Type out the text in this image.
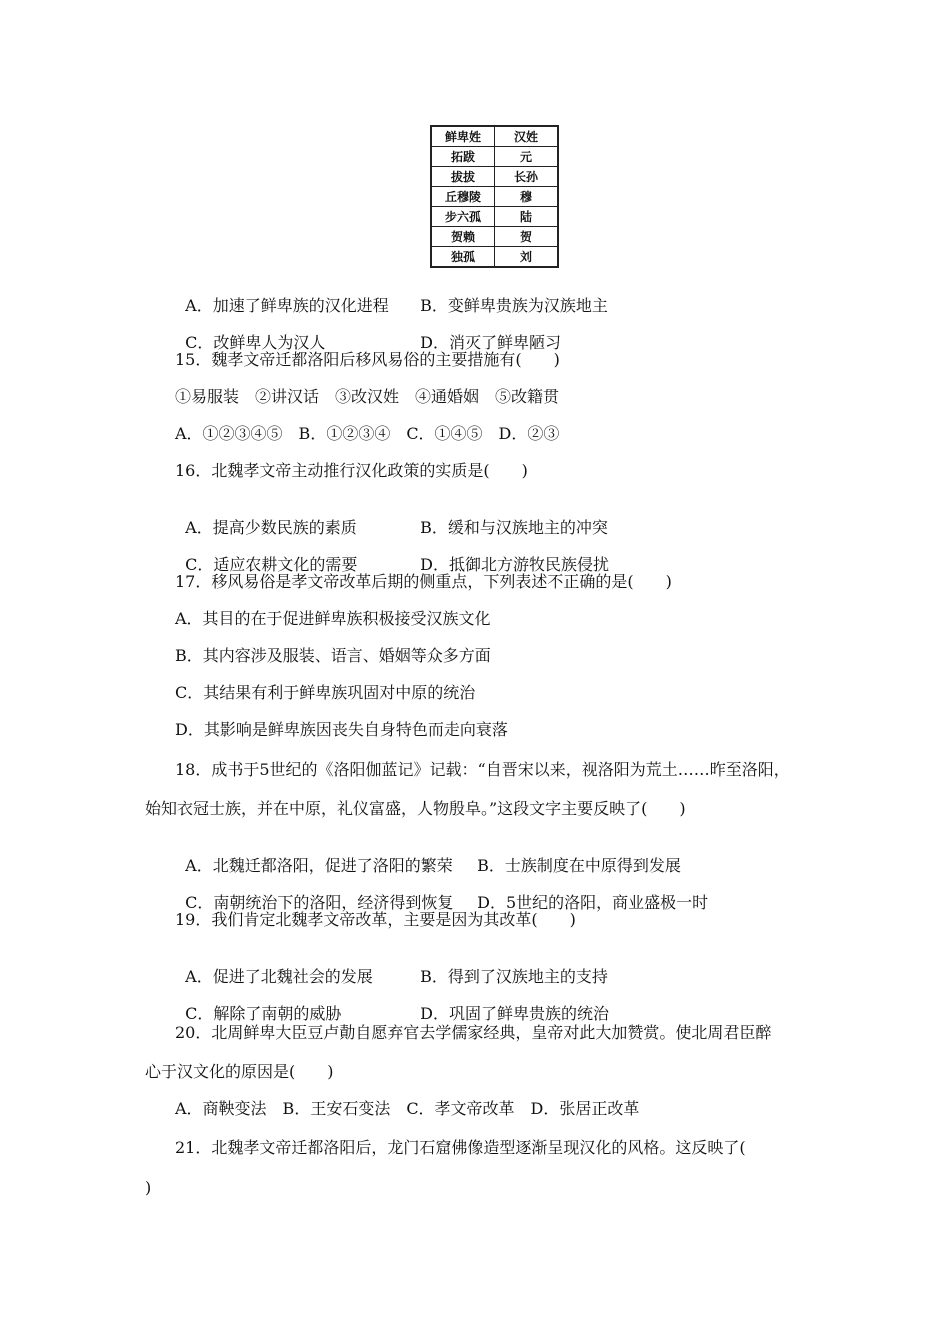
鲜卑姓	汉姓
拓跋	元
拔拔	长孙
丘穆陵	穆
步六孤	陆
贺赖	贺
独孤	刘

A．加速了鲜卑族的汉化进程 B．变鲜卑贵族为汉族地主

C．改鲜卑人为汉人	D．消灭了鲜卑陋习

15．魏孝文帝迁都洛阳后移风易俗的主要措施有(　　)
①易服装　②讲汉话　③改汉姓　④通婚姻　⑤改籍贯
A．①②③④⑤　B．①②③④　C．①④⑤　D．②③
16．北魏孝文帝主动推行汉化政策的实质是(　　)

A．提高少数民族的素质	B．缓和与汉族地主的冲突

C．适应农耕文化的需要	D．抵御北方游牧民族侵扰

17．移风易俗是孝文帝改革后期的侧重点，下列表述不正确的是(　　)
A．其目的在于促进鲜卑族积极接受汉族文化
B．其内容涉及服装、语言、婚姻等众多方面
C．其结果有利于鲜卑族巩固对中原的统治
D．其影响是鲜卑族因丧失自身特色而走向衰落
18．成书于5世纪的《洛阳伽蓝记》记载：“自晋宋以来，视洛阳为荒土……昨至洛阳，
始知衣冠士族，并在中原，礼仪富盛，人物殷阜。”这段文字主要反映了(　　)

A．北魏迁都洛阳，促进了洛阳的繁荣 B．士族制度在中原得到发展

C．南朝统治下的洛阳，经济得到恢复 D．5世纪的洛阳，商业盛极一时

19．我们肯定北魏孝文帝改革，主要是因为其改革(　　)

A．促进了北魏社会的发展	B．得到了汉族地主的支持

C．解除了南朝的威胁	D．巩固了鲜卑贵族的统治

20．北周鲜卑大臣豆卢勣自愿弃官去学儒家经典，皇帝对此大加赞赏。使北周君臣醉
心于汉文化的原因是(　　)
A．商鞅变法　B．王安石变法　C．孝文帝改革　D．张居正改革
21．北魏孝文帝迁都洛阳后，龙门石窟佛像造型逐渐呈现汉化的风格。这反映了(
)
